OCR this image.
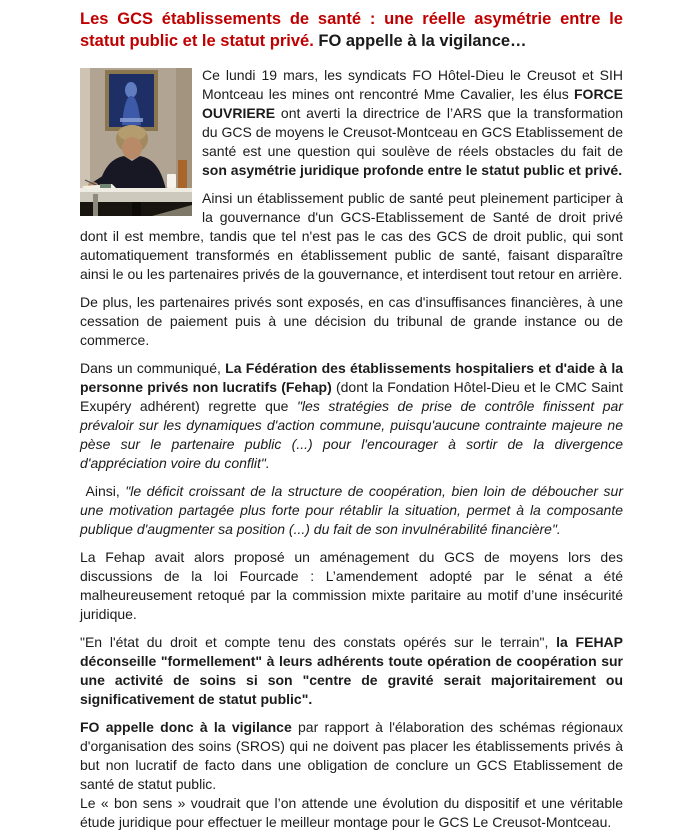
Les GCS établissements de santé : une réelle asymétrie entre le statut public et le statut privé. FO appelle à la vigilance…

Ce lundi 19 mars, les syndicats FO Hôtel-Dieu le Creusot et SIH Montceau les mines ont rencontré Mme Cavalier, les élus FORCE OUVRIERE ont averti la directrice de l’ARS que la transformation du GCS de moyens le Creusot-Montceau en GCS Etablissement de santé est une question qui soulève de réels obstacles du fait de son asymétrie juridique profonde entre le statut public et privé.

Ainsi un établissement public de santé peut pleinement participer à la gouvernance d'un GCS-Etablissement de Santé de droit privé dont il est membre, tandis que tel n'est pas le cas des GCS de droit public, qui sont automatiquement transformés en établissement public de santé, faisant disparaître ainsi le ou les partenaires privés de la gouvernance, et interdisent tout retour en arrière.

De plus, les partenaires privés sont exposés, en cas d'insuffisances financières, à une cessation de paiement puis à une décision du tribunal de grande instance ou de commerce.

Dans un communiqué, La Fédération des établissements hospitaliers et d'aide à la personne privés non lucratifs (Fehap) (dont la Fondation Hôtel-Dieu et le CMC Saint Exupéry adhérent) regrette que "les stratégies de prise de contrôle finissent par prévaloir sur les dynamiques d'action commune, puisqu'aucune contrainte majeure ne pèse sur le partenaire public (...) pour l'encourager à sortir de la divergence d'appréciation voire du conflit".

Ainsi, "le déficit croissant de la structure de coopération, bien loin de déboucher sur une motivation partagée plus forte pour rétablir la situation, permet à la composante publique d'augmenter sa position (...) du fait de son invulnérabilité financière".

La Fehap avait alors proposé un aménagement du GCS de moyens lors des discussions de la loi Fourcade : L’amendement adopté par le sénat a été malheureusement retoqué par la commission mixte paritaire au motif d’une insécurité juridique.

"En l'état du droit et compte tenu des constats opérés sur le terrain", la FEHAP déconseille "formellement" à leurs adhérents toute opération de coopération sur une activité de soins si son "centre de gravité serait majoritairement ou significativement de statut public".

FO appelle donc à la vigilance par rapport à l'élaboration des schémas régionaux d'organisation des soins (SROS) qui ne doivent pas placer les établissements privés à but non lucratif de facto dans une obligation de conclure un GCS Etablissement de santé de statut public.

Le « bon sens » voudrait que l’on attende une évolution du dispositif et une véritable étude juridique pour effectuer le meilleur montage pour le GCS Le Creusot-Montceau.
